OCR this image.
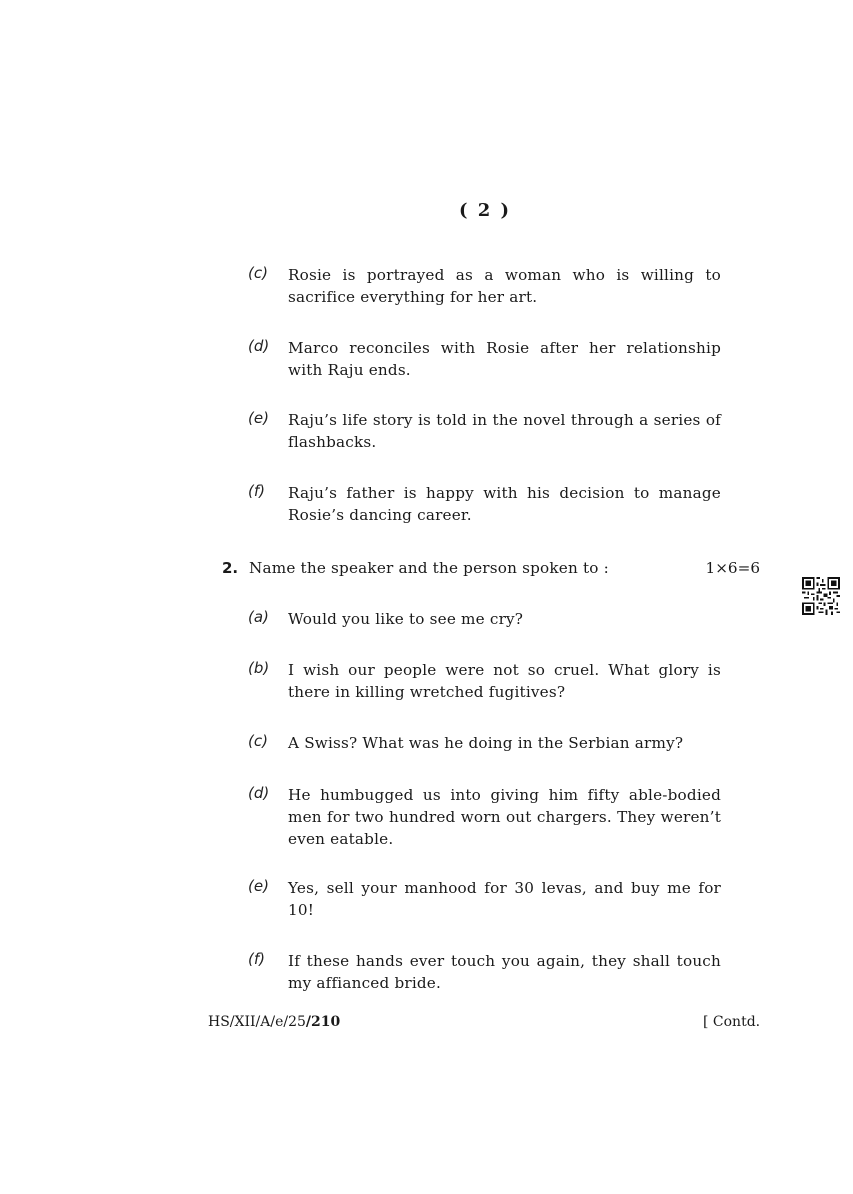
( 2 )
(c) Rosie is portrayed as a woman who is willing to sacrifice everything for her art.
(d) Marco reconciles with Rosie after her relationship with Raju ends.
(e) Raju’s life story is told in the novel through a series of flashbacks.
(f) Raju’s father is happy with his decision to manage Rosie’s dancing career.
2. Name the speaker and the person spoken to :	1×6=6
(a) Would you like to see me cry?
(b) I wish our people were not so cruel. What glory is there in killing wretched fugitives?
(c) A Swiss? What was he doing in the Serbian army?
(d) He humbugged us into giving him fifty able-bodied men for two hundred worn out chargers. They weren’t even eatable.
(e) Yes, sell your manhood for 30 levas, and buy me for 10!
(f) If these hands ever touch you again, they shall touch my affianced bride.
HS/XII/A/e/25/210	[ Contd.
